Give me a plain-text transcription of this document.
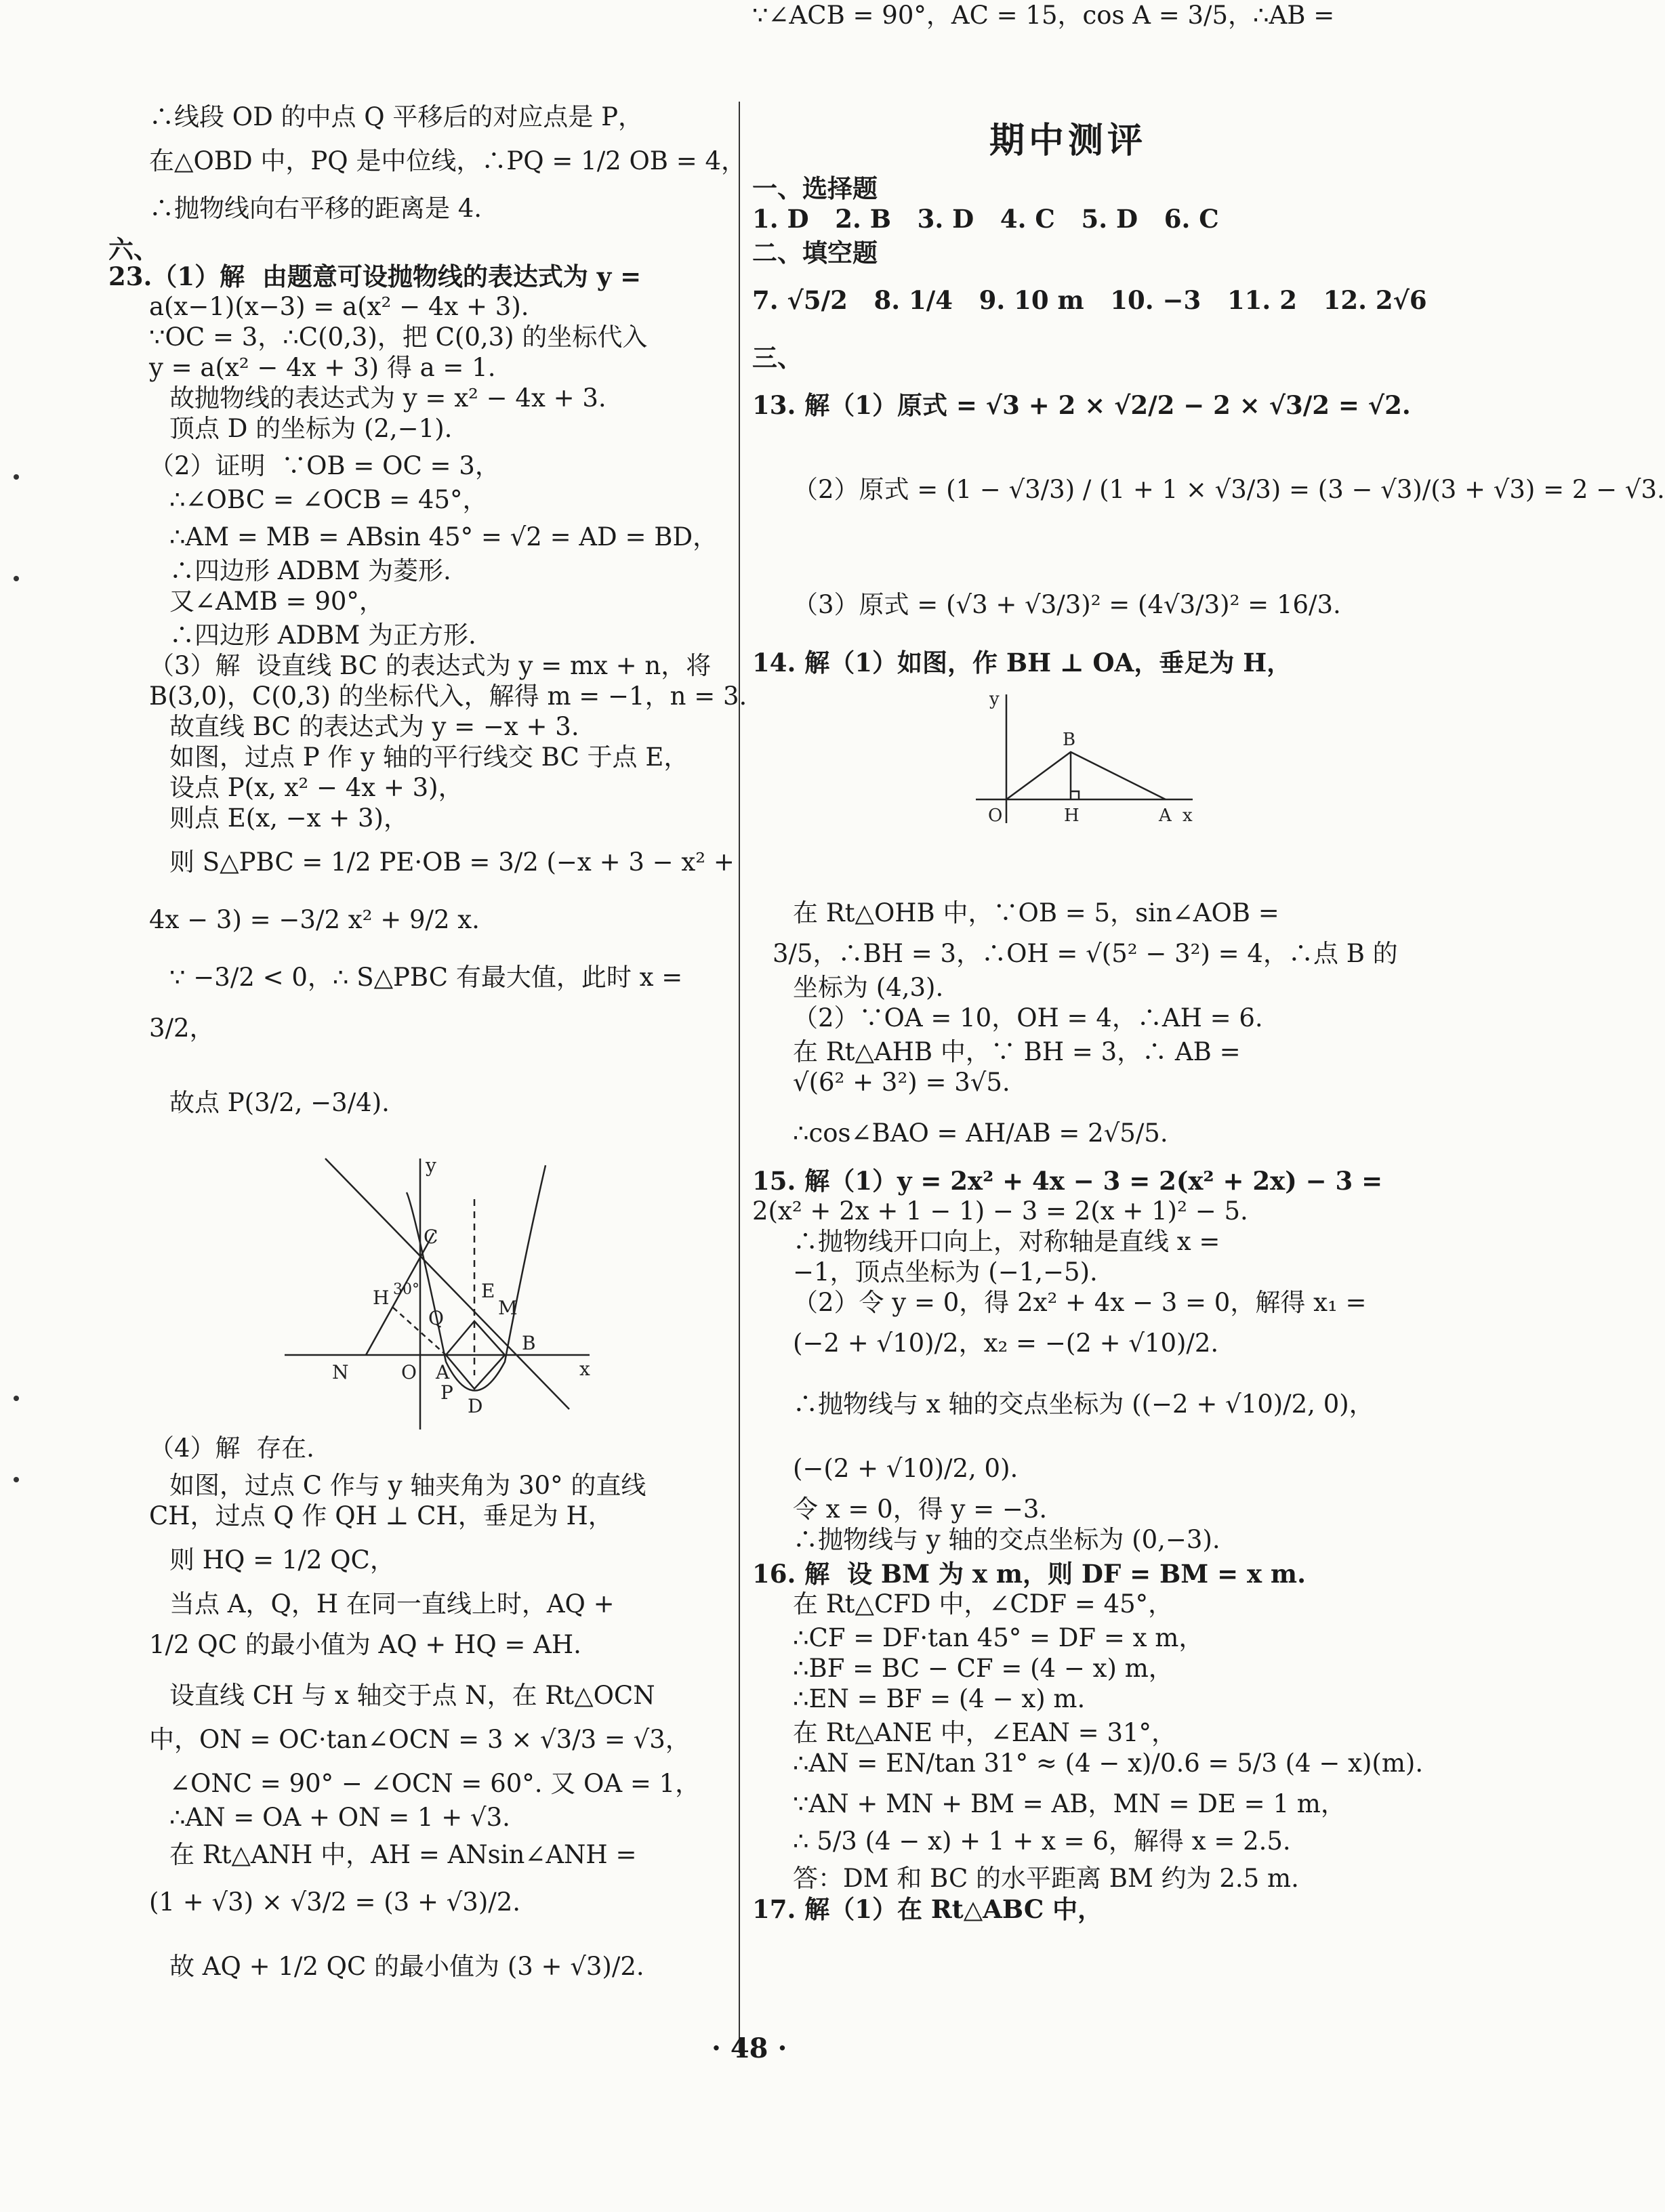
∴线段 OD 的中点 Q 平移后的对应点是 P，
在△OBD 中，PQ 是中位线，∴PQ = 1/2 OB = 4，
∴抛物线向右平移的距离是 4.
六、
23.（1）解  由题意可设抛物线的表达式为 y =
a(x−1)(x−3) = a(x² − 4x + 3).
∵OC = 3，∴C(0,3)，把 C(0,3) 的坐标代入
y = a(x² − 4x + 3) 得 a = 1.
故抛物线的表达式为 y = x² − 4x + 3.
顶点 D 的坐标为 (2,−1).
（2）证明  ∵OB = OC = 3，
∴∠OBC = ∠OCB = 45°，
∴AM = MB = ABsin 45° = √2 = AD = BD，
∴四边形 ADBM 为菱形.
又∠AMB = 90°，
∴四边形 ADBM 为正方形.
（3）解  设直线 BC 的表达式为 y = mx + n，将
B(3,0)，C(0,3) 的坐标代入，解得 m = −1，n = 3.
故直线 BC 的表达式为 y = −x + 3.
如图，过点 P 作 y 轴的平行线交 BC 于点 E，
设点 P(x, x² − 4x + 3)，
则点 E(x, −x + 3)，
则 S△PBC = 1/2 PE·OB = 3/2 (−x + 3 − x² +
4x − 3) = −3/2 x² + 9/2 x.
∵ −3/2 < 0，∴ S△PBC 有最大值，此时 x =
3/2，
故点 P(3/2, −3/4).
（4）解  存在.
如图，过点 C 作与 y 轴夹角为 30° 的直线
CH，过点 Q 作 QH ⊥ CH，垂足为 H，
则 HQ = 1/2 QC，
当点 A，Q，H 在同一直线上时，AQ +
1/2 QC 的最小值为 AQ + HQ = AH.
设直线 CH 与 x 轴交于点 N，在 Rt△OCN
中，ON = OC·tan∠OCN = 3 × √3/3 = √3，
∠ONC = 90° − ∠OCN = 60°. 又 OA = 1，
∴AN = OA + ON = 1 + √3.
在 Rt△ANH 中，AH = ANsin∠ANH =
(1 + √3) × √3/2 = (3 + √3)/2.
故 AQ + 1/2 QC 的最小值为 (3 + √3)/2.
期中测评
一、选择题
1. D   2. B   3. D   4. C   5. D   6. C
二、填空题
7. √5/2   8. 1/4   9. 10 m   10. −3   11. 2   12. 2√6
三、
13. 解（1）原式 = √3 + 2 × √2/2 − 2 × √3/2 = √2.
（2）原式 = (1 − √3/3) / (1 + 1 × √3/3) = (3 − √3)/(3 + √3) = 2 − √3.
（3）原式 = (√3 + √3/3)² = (4√3/3)² = 16/3.
14. 解（1）如图，作 BH ⊥ OA，垂足为 H，
在 Rt△OHB 中，∵OB = 5，sin∠AOB =
3/5，∴BH = 3，∴OH = √(5² − 3²) = 4，∴点 B 的
坐标为 (4,3).
（2）∵OA = 10，OH = 4，∴AH = 6.
在 Rt△AHB 中，∵ BH = 3，∴ AB =
√(6² + 3²) = 3√5.
∴cos∠BAO = AH/AB = 2√5/5.
15. 解（1）y = 2x² + 4x − 3 = 2(x² + 2x) − 3 =
2(x² + 2x + 1 − 1) − 3 = 2(x + 1)² − 5.
∴抛物线开口向上，对称轴是直线 x =
−1，顶点坐标为 (−1,−5).
（2）令 y = 0，得 2x² + 4x − 3 = 0，解得 x₁ =
(−2 + √10)/2，x₂ = −(2 + √10)/2.
∴抛物线与 x 轴的交点坐标为 ((−2 + √10)/2, 0)，
(−(2 + √10)/2, 0).
令 x = 0，得 y = −3.
∴抛物线与 y 轴的交点坐标为 (0,−3).
16. 解  设 BM 为 x m，则 DF = BM = x m.
在 Rt△CFD 中，∠CDF = 45°，
∴CF = DF·tan 45° = DF = x m，
∴BF = BC − CF = (4 − x) m，
∴EN = BF = (4 − x) m.
在 Rt△ANE 中，∠EAN = 31°，
∴AN = EN/tan 31° ≈ (4 − x)/0.6 = 5/3 (4 − x)(m).
∵AN + MN + BM = AB，MN = DE = 1 m，
∴ 5/3 (4 − x) + 1 + x = 6，解得 x = 2.5.
答：DM 和 BC 的水平距离 BM 约为 2.5 m.
17. 解（1）在 Rt△ABC 中，
∵∠ACB = 90°，AC = 15，cos A = 3/5，∴AB =
y
C
H 30°	E
M
Q
B
N	O A
P
D
x
y
B
O	H	A x
· 48 ·
